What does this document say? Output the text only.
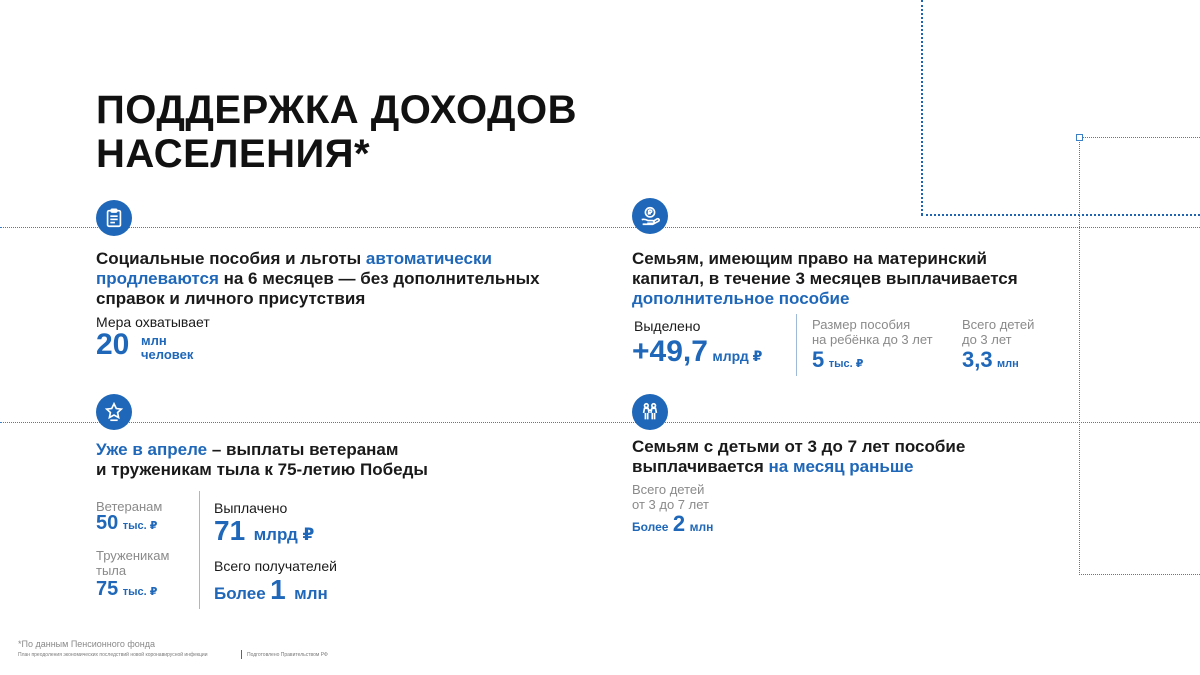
ПОДДЕРЖКА ДОХОДОВ
НАСЕЛЕНИЯ*
Социальные пособия и льготы автоматически
продлеваются на 6 месяцев — без дополнительных
справок и личного присутствия
Мера охватывает
20 млн
человек
Семьям, имеющим право на материнский
капитал, в течение 3 месяцев выплачивается
дополнительное пособие
Выделено
+49,7 млрд ₽
Размер пособия
на ребёнка до 3 лет
5 тыс. ₽
Всего детей
до 3 лет
3,3 млн
Уже в апреле – выплаты ветеранам
и труженикам тыла к 75-летию Победы
Ветеранам
50 тыс. ₽
Труженикам
тыла
75 тыс. ₽
Выплачено
71 млрд ₽
Всего получателей
Более 1 млн
Семьям с детьми от 3 до 7 лет пособие
выплачивается на месяц раньше
Всего детей
от 3 до 7 лет
Более 2 млн
*По данным Пенсионного фонда
План преодоления экономических последствий новой коронавирусной инфекции	Подготовлено Правительством РФ
